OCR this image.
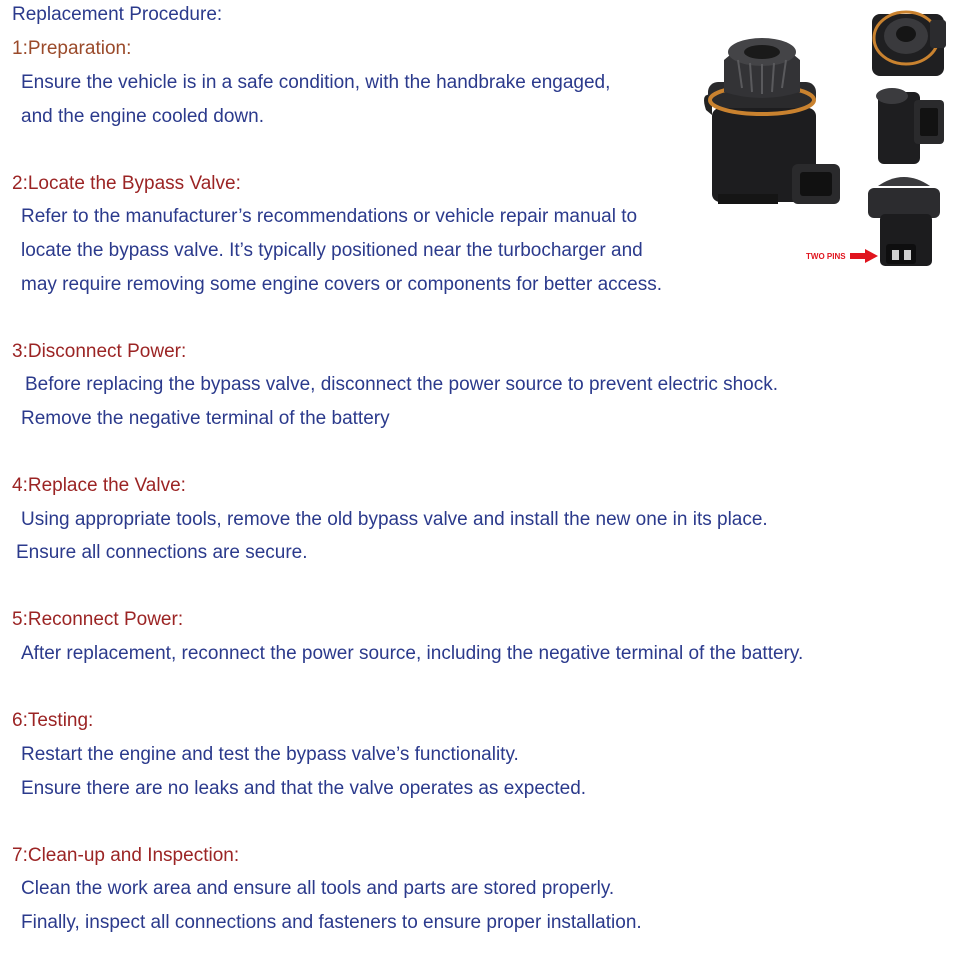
Replacement Procedure:
1:Preparation:
Ensure the vehicle is in a safe condition, with the handbrake engaged,
and the engine cooled down.
2:Locate the Bypass Valve:
Refer to the manufacturer’s recommendations or vehicle repair manual to
locate the bypass valve. It’s typically positioned near the turbocharger and
may require removing some engine covers or components for better access.
3:Disconnect Power:
Before replacing the bypass valve, disconnect the power source to prevent electric shock.
Remove the negative terminal of the battery
4:Replace the Valve:
Using appropriate tools, remove the old bypass valve and install the new one in its place.
Ensure all connections are secure.
5:Reconnect Power:
After replacement, reconnect the power source, including the negative terminal of the battery.
6:Testing:
Restart the engine and test the bypass valve’s functionality.
Ensure there are no leaks and that the valve operates as expected.
7:Clean-up and Inspection:
Clean the work area and ensure all tools and parts are stored properly.
Finally, inspect all connections and fasteners to ensure proper installation.
TWO PINS
